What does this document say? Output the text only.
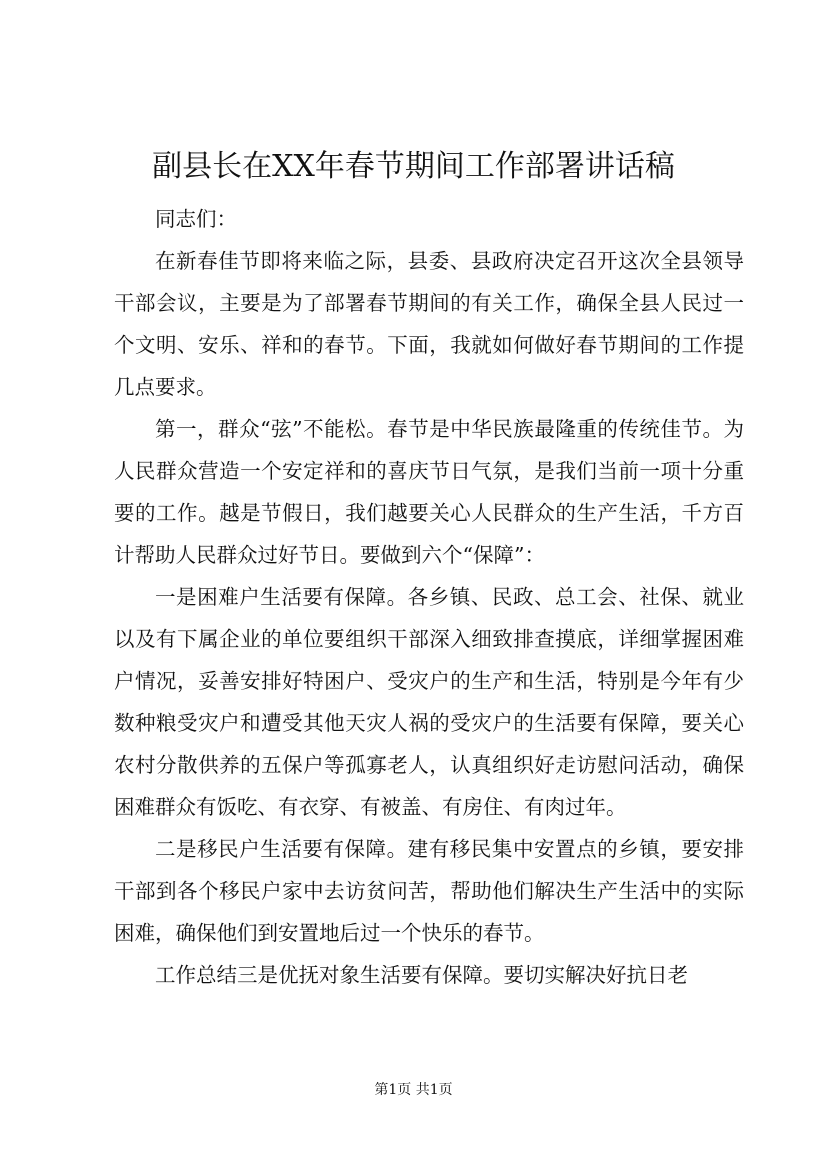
副县长在XX年春节期间工作部署讲话稿

同志们：

在新春佳节即将来临之际，县委、县政府决定召开这次全县领导干部会议，主要是为了部署春节期间的有关工作，确保全县人民过一个文明、安乐、祥和的春节。下面，我就如何做好春节期间的工作提几点要求。

第一，群众“弦”不能松。春节是中华民族最隆重的传统佳节。为人民群众营造一个安定祥和的喜庆节日气氛，是我们当前一项十分重要的工作。越是节假日，我们越要关心人民群众的生产生活，千方百计帮助人民群众过好节日。要做到六个“保障”：

一是困难户生活要有保障。各乡镇、民政、总工会、社保、就业以及有下属企业的单位要组织干部深入细致排查摸底，详细掌握困难户情况，妥善安排好特困户、受灾户的生产和生活，特别是今年有少数种粮受灾户和遭受其他天灾人祸的受灾户的生活要有保障，要关心农村分散供养的五保户等孤寡老人，认真组织好走访慰问活动，确保困难群众有饭吃、有衣穿、有被盖、有房住、有肉过年。

二是移民户生活要有保障。建有移民集中安置点的乡镇，要安排干部到各个移民户家中去访贫问苦，帮助他们解决生产生活中的实际困难，确保他们到安置地后过一个快乐的春节。

工作总结三是优抚对象生活要有保障。要切实解决好抗日老

第1页 共1页
